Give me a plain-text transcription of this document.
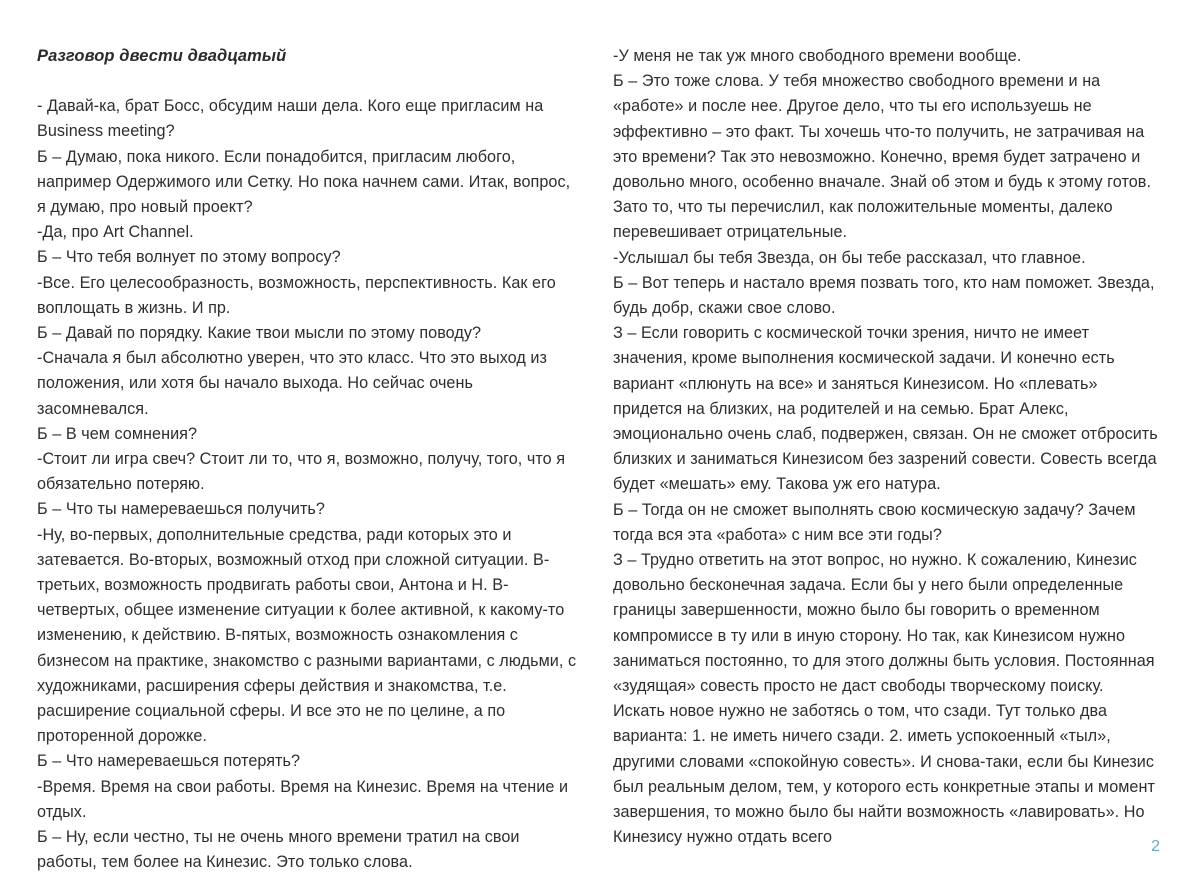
Разговор двести двадцатый

- Давай-ка, брат Босс, обсудим наши дела. Кого еще пригласим на Business meeting?

Б – Думаю, пока никого. Если понадобится, пригласим любого, например Одержимого или Сетку. Но пока начнем сами. Итак, вопрос, я думаю, про новый проект?

-Да, про Art Channel.

Б – Что тебя волнует по этому вопросу?

-Все. Его целесообразность, возможность, перспективность. Как его воплощать в жизнь. И пр.

Б – Давай по порядку. Какие твои мысли по этому поводу?

-Сначала я был абсолютно уверен, что это класс. Что это выход из положения, или хотя бы начало выхода. Но сейчас очень засомневался.

Б – В чем сомнения?

-Стоит ли игра свеч? Стоит ли то, что я, возможно, получу, того, что я обязательно потеряю.

Б – Что ты намереваешься получить?

-Ну, во-первых, дополнительные средства, ради которых это и затевается. Во-вторых, возможный отход при сложной ситуации. В-третьих, возможность продвигать работы свои, Антона и Н. В-четвертых, общее изменение ситуации к более активной, к какому-то изменению, к действию. В-пятых, возможность ознакомления с бизнесом на практике, знакомство с разными вариантами, с людьми, с художниками, расширения сферы действия и знакомства, т.е. расширение социальной сферы. И все это не по целине, а по проторенной дорожке.

Б – Что намереваешься потерять?

-Время. Время на свои работы. Время на Кинезис. Время на чтение и отдых.

Б – Ну, если честно, ты не очень много времени тратил на свои работы, тем более на Кинезис. Это только слова.

-У меня не так уж много свободного времени вообще.

Б – Это тоже слова. У тебя множество свободного времени и на «работе» и после нее. Другое дело, что ты его используешь не эффективно – это факт. Ты хочешь что-то получить, не затрачивая на это времени? Так это невозможно. Конечно, время будет затрачено и довольно много, особенно вначале. Знай об этом и будь к этому готов. Зато то, что ты перечислил, как положительные моменты, далеко перевешивает отрицательные.

-Услышал бы тебя Звезда, он бы тебе рассказал, что главное.

Б – Вот теперь и настало время позвать того, кто нам поможет. Звезда, будь добр, скажи свое слово.

З – Если говорить с космической точки зрения, ничто не имеет значения, кроме выполнения космической задачи. И конечно есть вариант «плюнуть на все» и заняться Кинезисом. Но «плевать» придется на близких, на родителей и на семью. Брат Алекс, эмоционально очень слаб, подвержен, связан. Он не сможет отбросить близких и заниматься Кинезисом без зазрений совести. Совесть всегда будет «мешать» ему. Такова уж его натура.

Б – Тогда он не сможет выполнять свою космическую задачу? Зачем тогда вся эта «работа» с ним все эти годы?

З – Трудно ответить на этот вопрос, но нужно. К сожалению, Кинезис довольно бесконечная задача. Если бы у него были определенные границы завершенности, можно было бы говорить о временном компромиссе в ту или в иную сторону. Но так, как Кинезисом нужно заниматься постоянно, то для этого должны быть условия. Постоянная «зудящая» совесть просто не даст свободы творческому поиску. Искать новое нужно не заботясь о том, что сзади. Тут только два варианта: 1. не иметь ничего сзади. 2. иметь успокоенный «тыл», другими словами «спокойную совесть». И снова-таки, если бы Кинезис был реальным делом, тем, у которого есть конкретные этапы и момент завершения, то можно было бы найти возможность «лавировать». Но Кинезису нужно отдать всего

2
